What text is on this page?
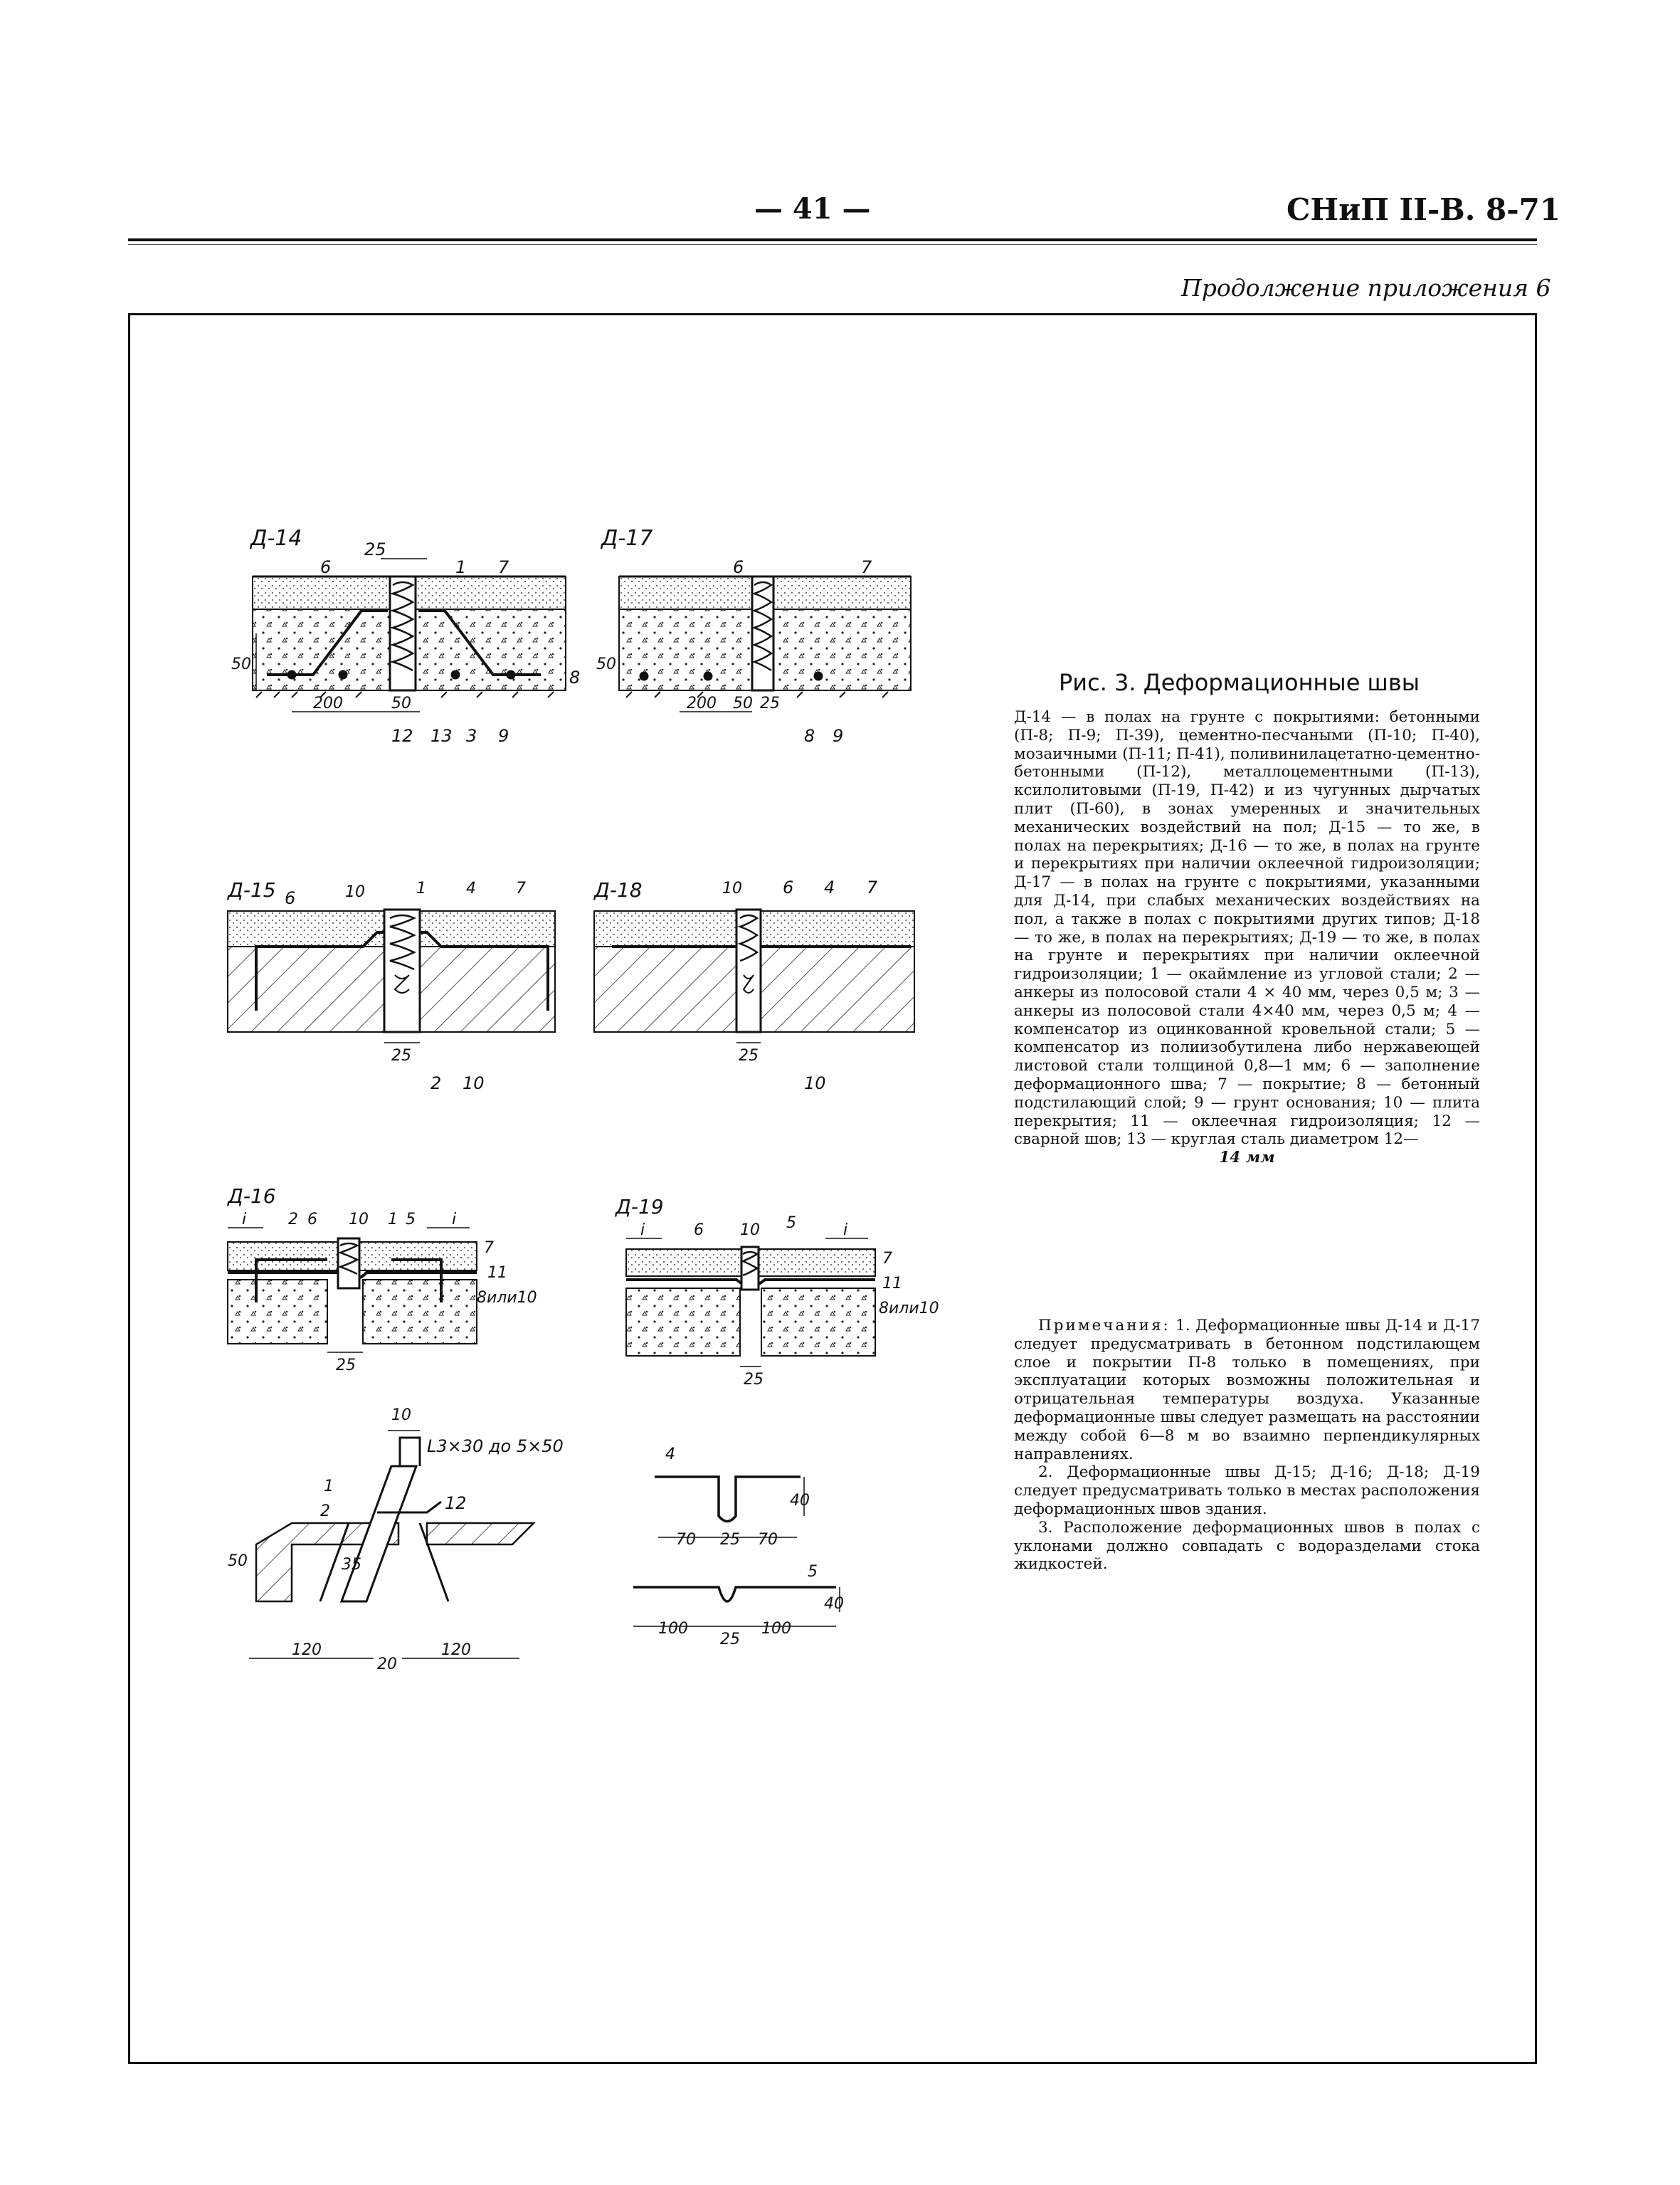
— 41 —	СНиП II-В. 8-71
Продолжение приложения 6
Д-14	25
6	1 7
50
8
200	50
12 13 3 9
Д-17
6	7
50
200 50 25
8 9
Д-15 6	10	1	4	7
25
2 10
Д-18	10 6 4 7
25
10
Д-16
i	2 6 10 1 5 i
7
11
8или10
25
Д-19
i	6 10 5	i
7
11
8или10
25
10
L3×30 до 5×50
1
2	12
50	35
120
20
120
4
70 25 70
40
5
100
25
100
40
Рис. 3. Деформационные швы
Д-14 — в полах на грунте с покрытиями: бетонными (П-8; П-9; П-39), цементно-песчаными (П-10; П-40), мозаичными (П-11; П-41), поливинилацетатно-цементно-бетонными (П-12), металлоцементными (П-13), ксилолитовыми (П-19, П-42) и из чугунных дырчатых плит (П-60), в зонах умеренных и значительных механических воздействий на пол; Д-15 — то же, в полах на перекрытиях; Д-16 — то же, в полах на грунте и перекрытиях при наличии оклеечной гидроизоляции; Д-17 — в полах на грунте с покрытиями, указанными для Д-14, при слабых механических воздействиях на пол, а также в полах с покрытиями других типов; Д-18 — то же, в полах на перекрытиях; Д-19 — то же, в полах на грунте и перекрытиях при наличии оклеечной гидроизоляции; 1 — окаймление из угловой стали; 2 — анкеры из полосовой стали 4 × 40 мм, через 0,5 м; 3 — анкеры из полосовой стали 4×40 мм, через 0,5 м; 4 — компенсатор из оцинкованной кровельной стали; 5 — компенсатор из полиизобутилена либо нержавеющей листовой стали толщиной 0,8—1 мм; 6 — заполнение деформационного шва; 7 — покрытие; 8 — бетонный подстилающий слой; 9 — грунт основания; 10 — плита перекрытия; 11 — оклеечная гидроизоляция; 12 — сварной шов; 13 — круглая сталь диаметром 12—
14 мм

Примечания: 1. Деформационные швы Д-14 и Д-17 следует предусматривать в бетонном подстилающем слое и покрытии П-8 только в помещениях, при эксплуатации которых возможны положительная и отрицательная температуры воздуха. Указанные деформационные швы следует размещать на расстоянии между собой 6—8 м во взаимно перпендикулярных направлениях.

2. Деформационные швы Д-15; Д-16; Д-18; Д-19 следует предусматривать только в местах расположения деформационных швов здания.

3. Расположение деформационных швов в полах с уклонами должно совпадать с водоразделами стока жидкостей.
